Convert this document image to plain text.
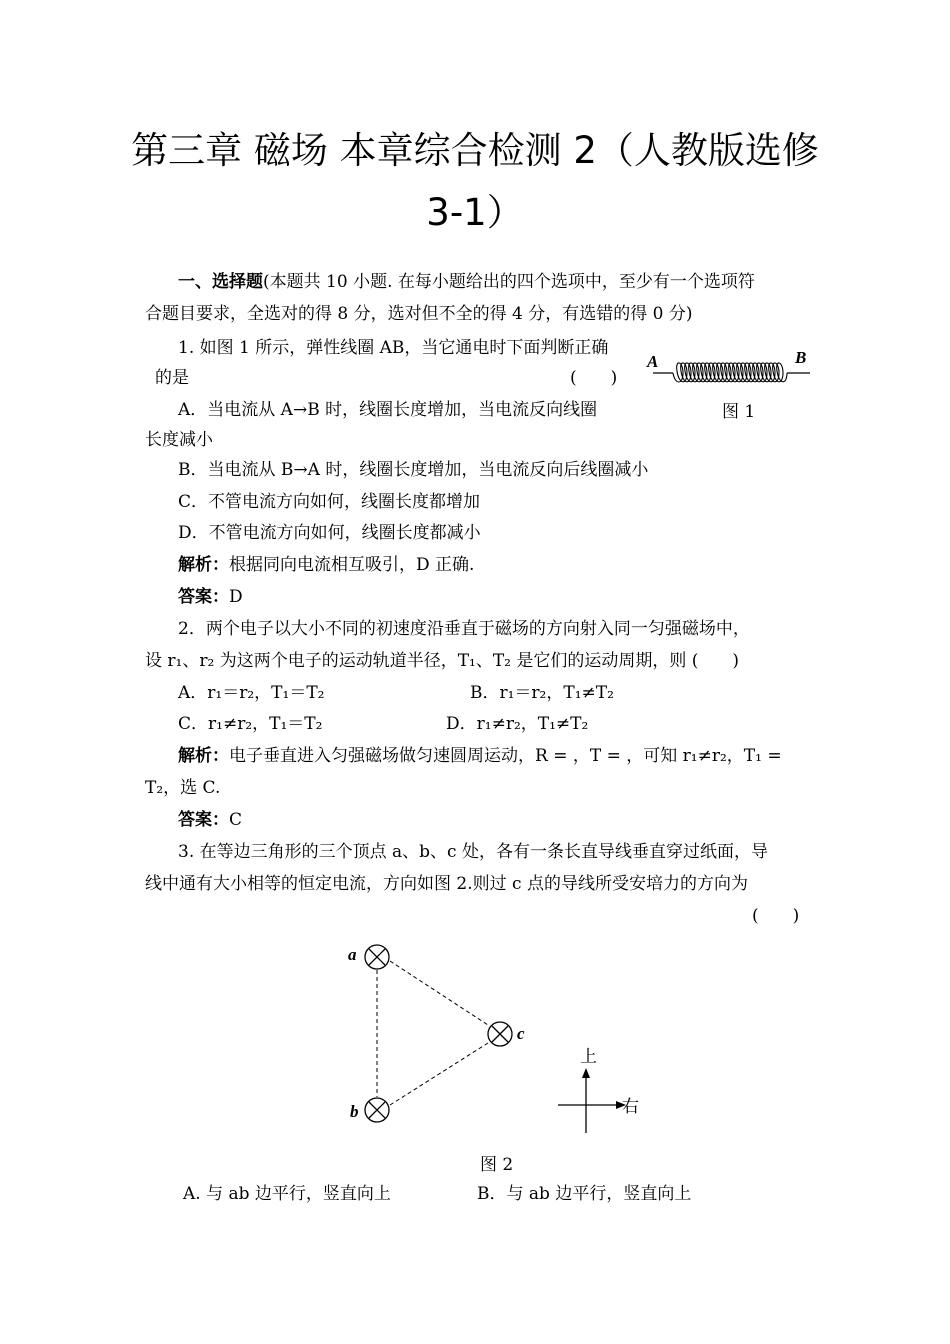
第三章 磁场 本章综合检测 2（人教版选修
3-1）
一、选择题(本题共 10 小题. 在每小题给出的四个选项中，至少有一个选项符
合题目要求，全选对的得 8 分，选对但不全的得 4 分，有选错的得 0 分)
1. 如图 1 所示，弹性线圈 AB，当它通电时下面判断正确
的是	(　　)
A	B
图 1
A．当电流从 A→B 时，线圈长度增加，当电流反向线圈
长度减小
B．当电流从 B→A 时，线圈长度增加，当电流反向后线圈减小
C．不管电流方向如何，线圈长度都增加
D．不管电流方向如何，线圈长度都减小
解析：根据同向电流相互吸引，D 正确.
答案：D
2．两个电子以大小不同的初速度沿垂直于磁场的方向射入同一匀强磁场中，
设 r₁、r₂ 为这两个电子的运动轨道半径，T₁、T₂ 是它们的运动周期，则 (　　)
A．r₁＝r₂，T₁＝T₂	B．r₁＝r₂，T₁≠T₂
C．r₁≠r₂，T₁＝T₂	D．r₁≠r₂，T₁≠T₂
解析：电子垂直进入匀强磁场做匀速圆周运动，R = ，T = ，可知 r₁≠r₂，T₁ =
T₂，选 C.
答案：C
3. 在等边三角形的三个顶点 a、b、c 处，各有一条长直导线垂直穿过纸面，导
线中通有大小相等的恒定电流，方向如图 2.则过 c 点的导线所受安培力的方向为
(　　)
a
b
c
上
右
图 2
A. 与 ab 边平行，竖直向上	B．与 ab 边平行，竖直向上
